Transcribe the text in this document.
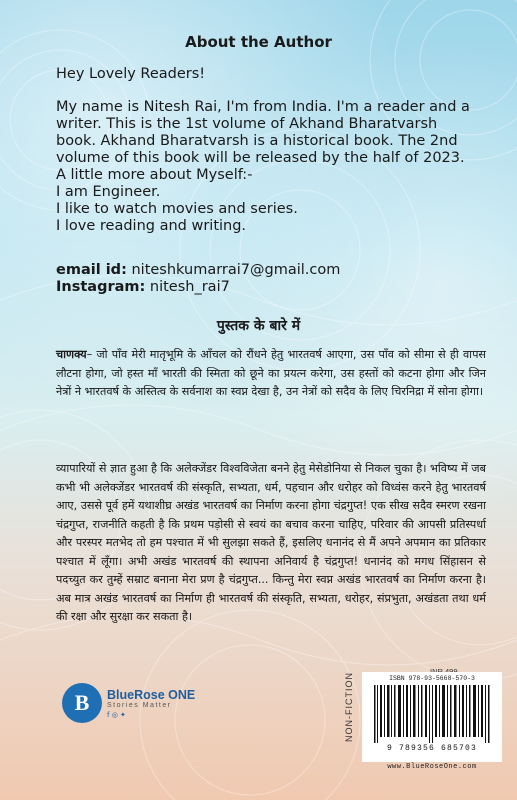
About the Author
Hey Lovely Readers!
My name is Nitesh Rai, I'm from India. I'm a reader and a
writer. This is the 1st volume of Akhand Bharatvarsh
book. Akhand Bharatvarsh is a historical book. The 2nd
volume of this book will be released by the half of 2023.
A little more about Myself:-
I am Engineer.
I like to watch movies and series.
I love reading and writing.
email id: niteshkumarrai7@gmail.com
Instagram: nitesh_rai7
पुस्तक के बारे में
चाणक्य– जो पाँव मेरी मातृभूमि के आँचल को रौंधने हेतु भारतवर्ष आएगा, उस पाँव को सीमा से ही वापस लौटना होगा, जो हस्त माँ भारती की स्मिता को छूने का प्रयत्न करेगा, उस हस्तों को कटना होगा और जिन नेत्रों ने भारतवर्ष के अस्तित्व के सर्वनाश का स्वप्न देखा है, उन नेत्रों को सदैव के लिए चिरनिद्रा में सोना होगा।
व्यापारियों से ज्ञात हुआ है कि अलेक्जेंडर विश्वविजेता बनने हेतु मेसेडोनिया से निकल चुका है। भविष्य में जब कभी भी अलेक्जेंडर भारतवर्ष की संस्कृति, सभ्यता, धर्म, पहचान और धरोहर को विध्वंस करने हेतु भारतवर्ष आए, उससे पूर्व हमें यथाशीघ्र अखंड भारतवर्ष का निर्माण करना होगा चंद्रगुप्त! एक सीख सदैव स्मरण रखना चंद्रगुप्त, राजनीति कहती है कि प्रथम पड़ोसी से स्वयं का बचाव करना चाहिए, परिवार की आपसी प्रतिस्पर्धा और परस्पर मतभेद तो हम पश्चात में भी सुलझा सकते हैं, इसलिए धनानंद से मैं अपने अपमान का प्रतिकार पश्चात में लूँगा। अभी अखंड भारतवर्ष की स्थापना अनिवार्य है चंद्रगुप्त! धनानंद को मगध सिंहासन से पदच्युत कर तुम्हें सम्राट बनाना मेरा प्रण है चंद्रगुप्त... किन्तु मेरा स्वप्न अखंड भारतवर्ष का निर्माण करना है। अब मात्र अखंड भारतवर्ष का निर्माण ही भारतवर्ष की संस्कृति, सभ्यता, धरोहर, संप्रभुता, अखंडता तथा धर्म की रक्षा और सुरक्षा कर सकता है।
B	BlueRose ONE
Stories Matter
f ◎ ✦	NON-FICTION	ISBN 978-93-5668-570-3
9 789356 685703
www.BlueRoseOne.com
